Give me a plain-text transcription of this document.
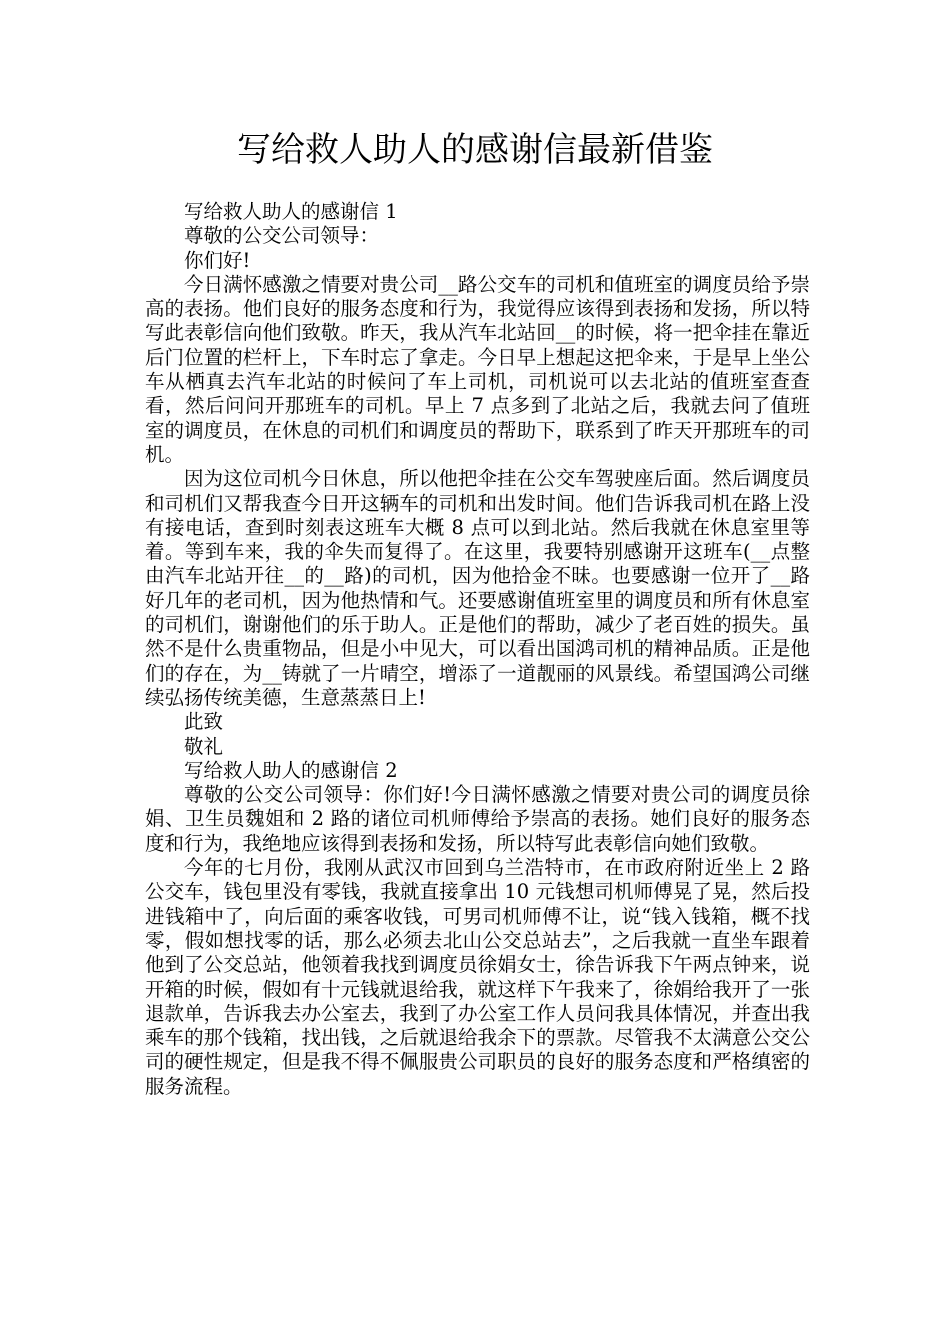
写给救人助人的感谢信最新借鉴

写给救人助人的感谢信 1

尊敬的公交公司领导：

你们好!

今日满怀感激之情要对贵公司__路公交车的司机和值班室的调度员给予崇高的表扬。他们良好的服务态度和行为，我觉得应该得到表扬和发扬，所以特写此表彰信向他们致敬。昨天，我从汽车北站回__的时候，将一把伞挂在靠近后门位置的栏杆上，下车时忘了拿走。今日早上想起这把伞来，于是早上坐公车从栖真去汽车北站的时候问了车上司机，司机说可以去北站的值班室查查看，然后问问开那班车的司机。早上 7 点多到了北站之后，我就去问了值班室的调度员，在休息的司机们和调度员的帮助下，联系到了昨天开那班车的司机。

因为这位司机今日休息，所以他把伞挂在公交车驾驶座后面。然后调度员和司机们又帮我查今日开这辆车的司机和出发时间。他们告诉我司机在路上没有接电话，查到时刻表这班车大概 8 点可以到北站。然后我就在休息室里等着。等到车来，我的伞失而复得了。在这里，我要特别感谢开这班车(__点整由汽车北站开往__的__路)的司机，因为他拾金不昧。也要感谢一位开了__路好几年的老司机，因为他热情和气。还要感谢值班室里的调度员和所有休息室的司机们，谢谢他们的乐于助人。正是他们的帮助，减少了老百姓的损失。虽然不是什么贵重物品，但是小中见大，可以看出国鸿司机的精神品质。正是他们的存在，为__铸就了一片晴空，增添了一道靓丽的风景线。希望国鸿公司继续弘扬传统美德，生意蒸蒸日上!

此致

敬礼

写给救人助人的感谢信 2

尊敬的公交公司领导：你们好!今日满怀感激之情要对贵公司的调度员徐娟、卫生员魏姐和 2 路的诸位司机师傅给予崇高的表扬。她们良好的服务态度和行为，我绝地应该得到表扬和发扬，所以特写此表彰信向她们致敬。

今年的七月份，我刚从武汉市回到乌兰浩特市，在市政府附近坐上 2 路公交车，钱包里没有零钱，我就直接拿出 10 元钱想司机师傅晃了晃，然后投进钱箱中了，向后面的乘客收钱，可男司机师傅不让，说“钱入钱箱，概不找零，假如想找零的话，那么必须去北山公交总站去”，之后我就一直坐车跟着他到了公交总站，他领着我找到调度员徐娟女士，徐告诉我下午两点钟来，说开箱的时候，假如有十元钱就退给我，就这样下午我来了，徐娟给我开了一张退款单，告诉我去办公室去，我到了办公室工作人员问我具体情况，并查出我乘车的那个钱箱，找出钱，之后就退给我余下的票款。尽管我不太满意公交公司的硬性规定，但是我不得不佩服贵公司职员的良好的服务态度和严格缜密的服务流程。
